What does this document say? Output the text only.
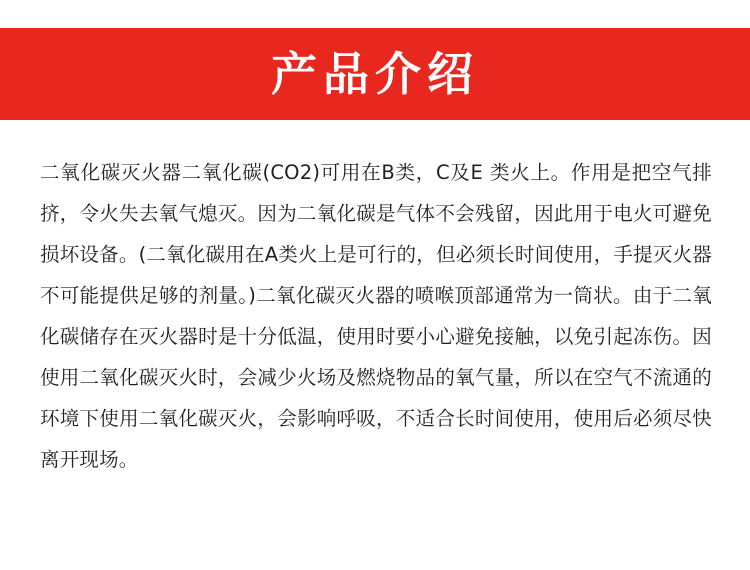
产品介绍
二氧化碳灭火器二氧化碳(CO2)可用在B类，C及E 类火上。作用是把空气排挤，令火失去氧气熄灭。因为二氧化碳是气体不会残留，因此用于电火可避免损坏设备。(二氧化碳用在A类火上是可行的，但必须长时间使用，手提灭火器不可能提供足够的剂量。)二氧化碳灭火器的喷喉顶部通常为一筒状。由于二氧化碳储存在灭火器时是十分低温，使用时要小心避免接触，以免引起冻伤。因使用二氧化碳灭火时，会减少火场及燃烧物品的氧气量，所以在空气不流通的环境下使用二氧化碳灭火，会影响呼吸，不适合长时间使用，使用后必须尽快离开现场。
